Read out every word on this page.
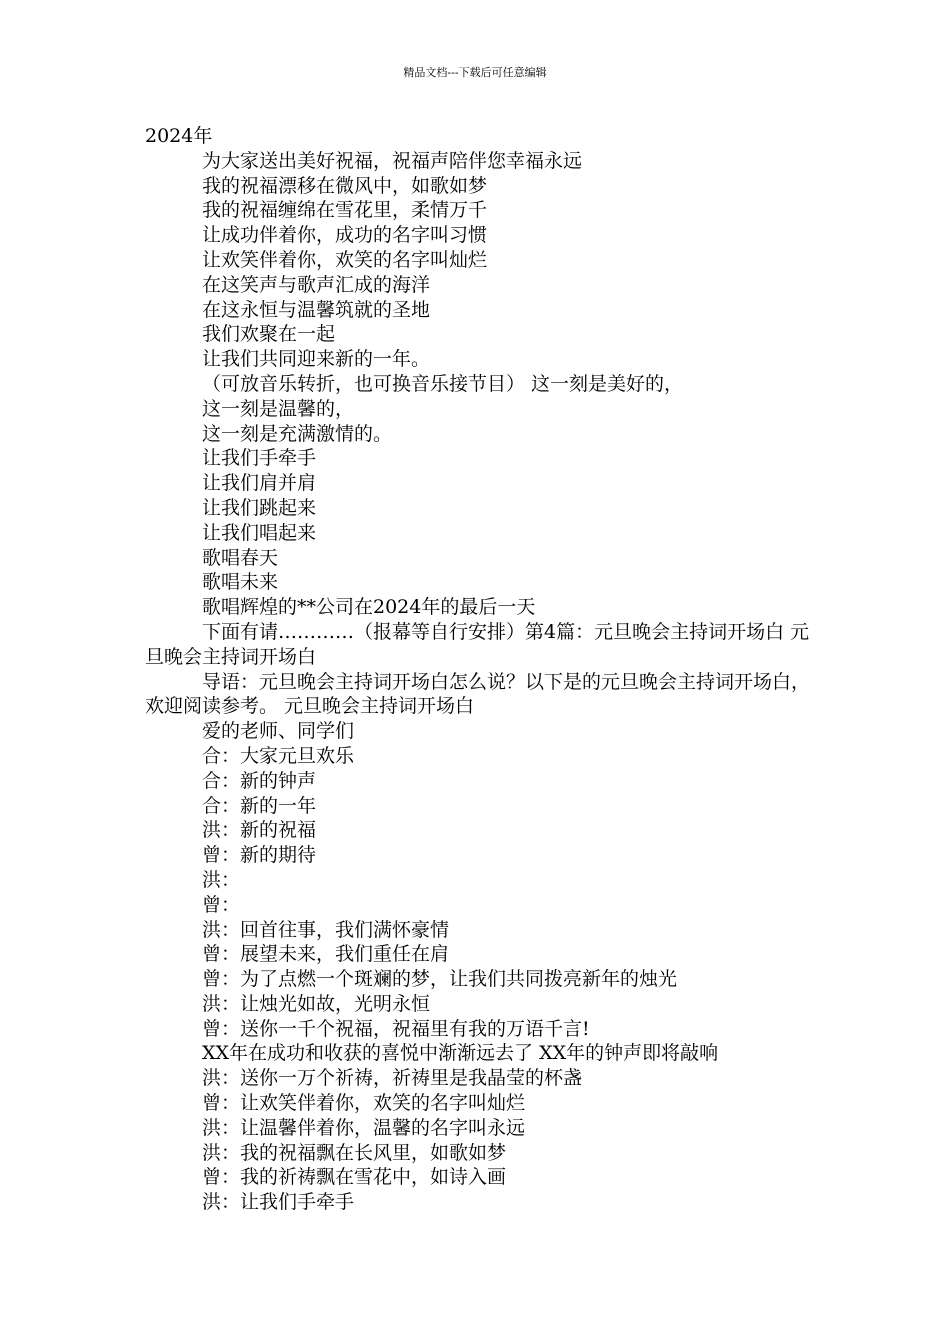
精品文档---下载后可任意编辑

2024年

为大家送出美好祝福，祝福声陪伴您幸福永远

我的祝福漂移在微风中，如歌如梦

我的祝福缠绵在雪花里，柔情万千

让成功伴着你，成功的名字叫习惯

让欢笑伴着你，欢笑的名字叫灿烂

在这笑声与歌声汇成的海洋

在这永恒与温馨筑就的圣地

我们欢聚在一起

让我们共同迎来新的一年。

（可放音乐转折，也可换音乐接节目） 这一刻是美好的，

这一刻是温馨的，

这一刻是充满激情的。

让我们手牵手

让我们肩并肩

让我们跳起来

让我们唱起来

歌唱春天

歌唱未来

歌唱辉煌的**公司在2024年的最后一天

下面有请…………（报幕等自行安排）第4篇：元旦晚会主持词开场白 元旦晚会主持词开场白

导语：元旦晚会主持词开场白怎么说？以下是的元旦晚会主持词开场白，欢迎阅读参考。 元旦晚会主持词开场白

爱的老师、同学们

合：大家元旦欢乐

合：新的钟声

合：新的一年

洪：新的祝福

曾：新的期待

洪：

曾：

洪：回首往事，我们满怀豪情

曾：展望未来，我们重任在肩

曾：为了点燃一个斑斓的梦，让我们共同拨亮新年的烛光

洪：让烛光如故，光明永恒

曾：送你一千个祝福，祝福里有我的万语千言!

XX年在成功和收获的喜悦中渐渐远去了 XX年的钟声即将敲响

洪：送你一万个祈祷，祈祷里是我晶莹的杯盏

曾：让欢笑伴着你，欢笑的名字叫灿烂

洪：让温馨伴着你，温馨的名字叫永远

洪：我的祝福飘在长风里，如歌如梦

曾：我的祈祷飘在雪花中，如诗入画

洪：让我们手牵手
